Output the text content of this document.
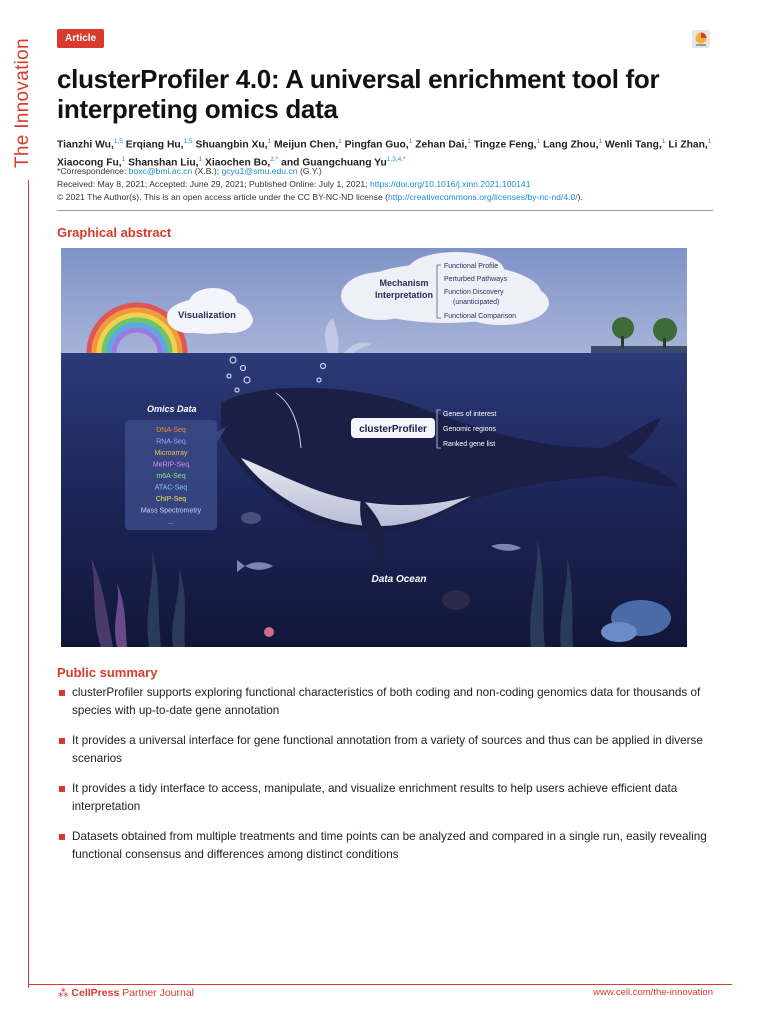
The Innovation	Article
clusterProfiler 4.0: A universal enrichment tool for interpreting omics data

Tianzhi Wu,$^{1,5}$ Erqiang Hu,$^{1,5}$ Shuangbin Xu,$^1$ Meijun Chen,$^1$ Pingfan Guo,$^1$ Zehan Dai,$^1$ Tingze Feng,$^1$ Lang Zhou,$^1$ Wenli Tang,$^1$ Li Zhan,$^1$ Xiaocong Fu,$^1$ Shanshan Liu,$^1$ Xiaochen Bo,$^{2,*}$ and Guangchuang $Yu^{1,3,4,*}$

*Correspondence: boxc@bmi.ac.cn (X.B.); gcyu1@smu.edu.cn (G.Y.)
Received: May 8, 2021; Accepted: June 29, 2021; Published Online: July 1, 2021; https://doi.org/10.1016/j.xinn.2021.100141
© 2021 The Author(s). This is an open access article under the CC BY-NC-ND license (http://creativecommons.org/licenses/by-nc-nd/4.0/).
Graphical abstract
Visualization
Mechanism
Interpretation
Functional Profile
Perturbed Pathways
Function Discovery
(unanticipated)
Functional Comparison
clusterProfiler
Genes of interest
Genomic regions
Ranked gene list
Omics Data
DNA-Seq
RNA-Seq
Microarray
MeRIP-Seq
m6A-Seq
ATAC-Seq
ChIP-Seq
Mass Spectrometry
...
Data Ocean
Public summary
clusterProfiler supports exploring functional characteristics of both coding and non-coding genomics data for thousands of species with up-to-date gene annotation
It provides a universal interface for gene functional annotation from a variety of sources and thus can be applied in diverse scenarios
It provides a tidy interface to access, manipulate, and visualize enrichment results to help users achieve efficient data interpretation
Datasets obtained from multiple treatments and time points can be analyzed and compared in a single run, easily revealing functional consensus and differences among distinct conditions
⁂ CellPress Partner Journal	www.cell.com/the-innovation
